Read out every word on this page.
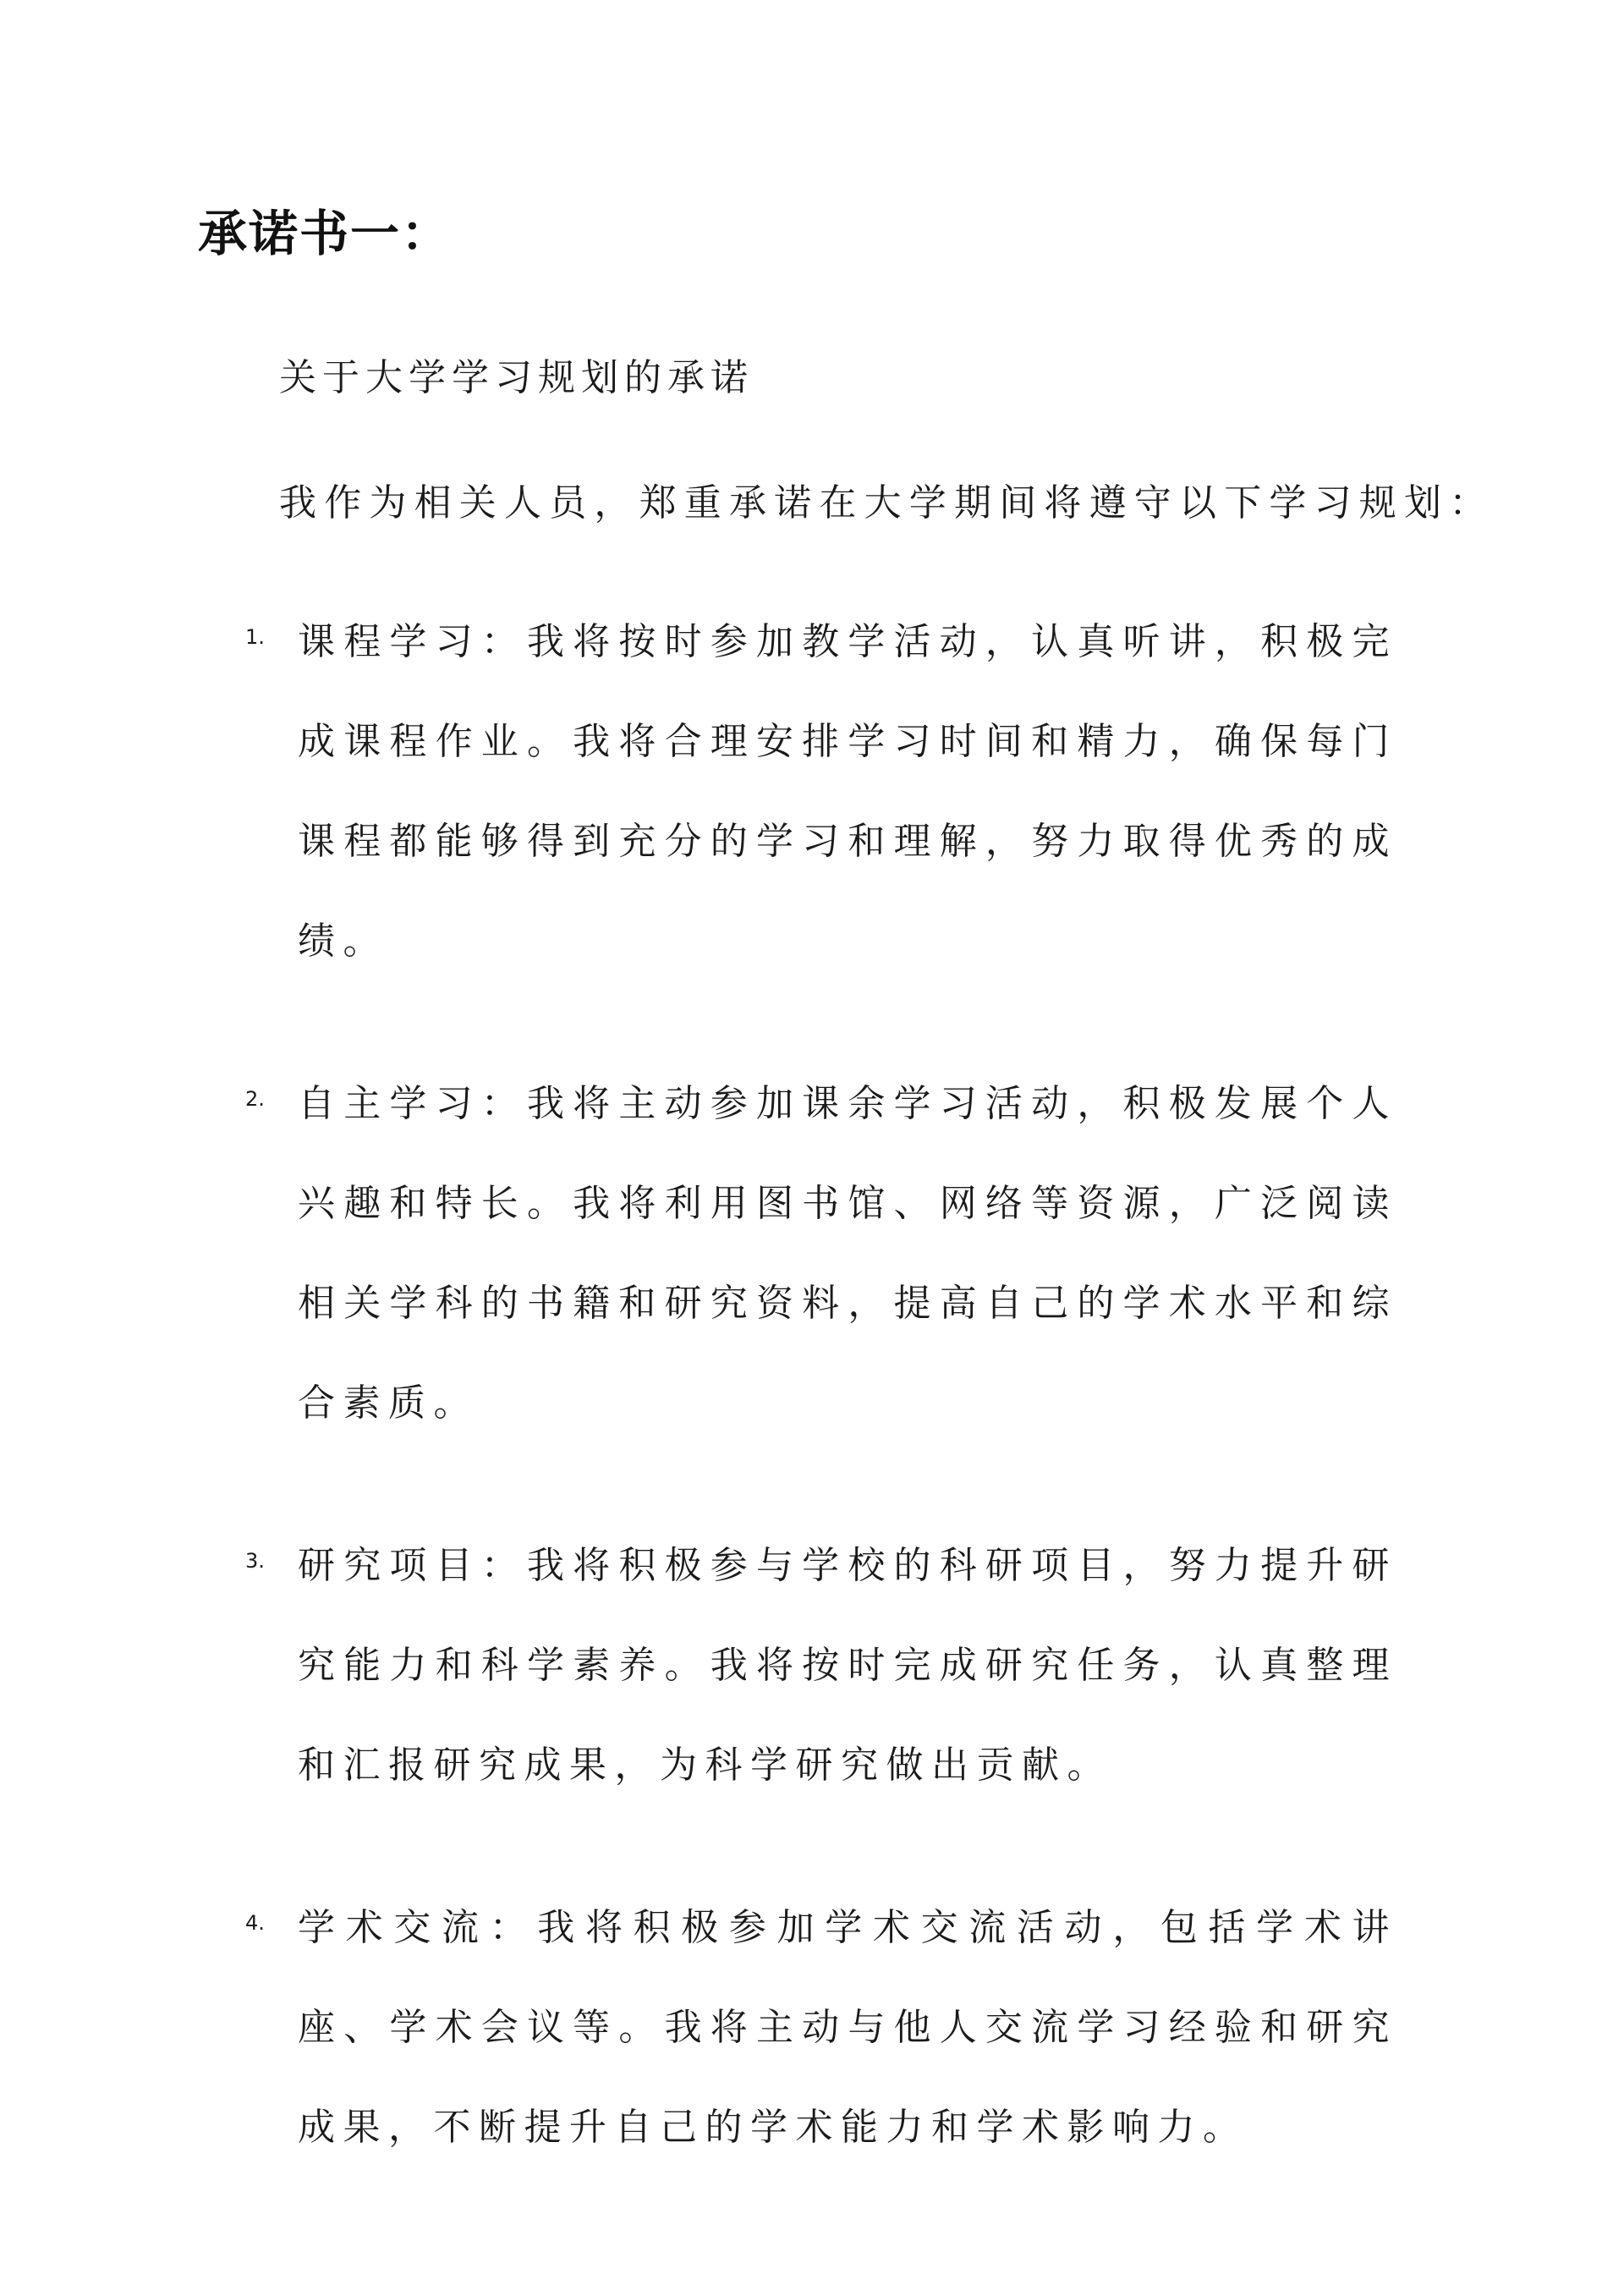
承诺书一：

关于大学学习规划的承诺

我作为相关人员，郑重承诺在大学期间将遵守以下学习规划：

1. 课程学习：我将按时参加教学活动，认真听讲，积极完成课程作业。我将合理安排学习时间和精力，确保每门课程都能够得到充分的学习和理解，努力取得优秀的成绩。
2. 自主学习：我将主动参加课余学习活动，积极发展个人兴趣和特长。我将利用图书馆、网络等资源，广泛阅读相关学科的书籍和研究资料，提高自己的学术水平和综合素质。
3. 研究项目：我将积极参与学校的科研项目，努力提升研究能力和科学素养。我将按时完成研究任务，认真整理和汇报研究成果，为科学研究做出贡献。
4. 学术交流：我将积极参加学术交流活动，包括学术讲座、学术会议等。我将主动与他人交流学习经验和研究成果，不断提升自己的学术能力和学术影响力。
